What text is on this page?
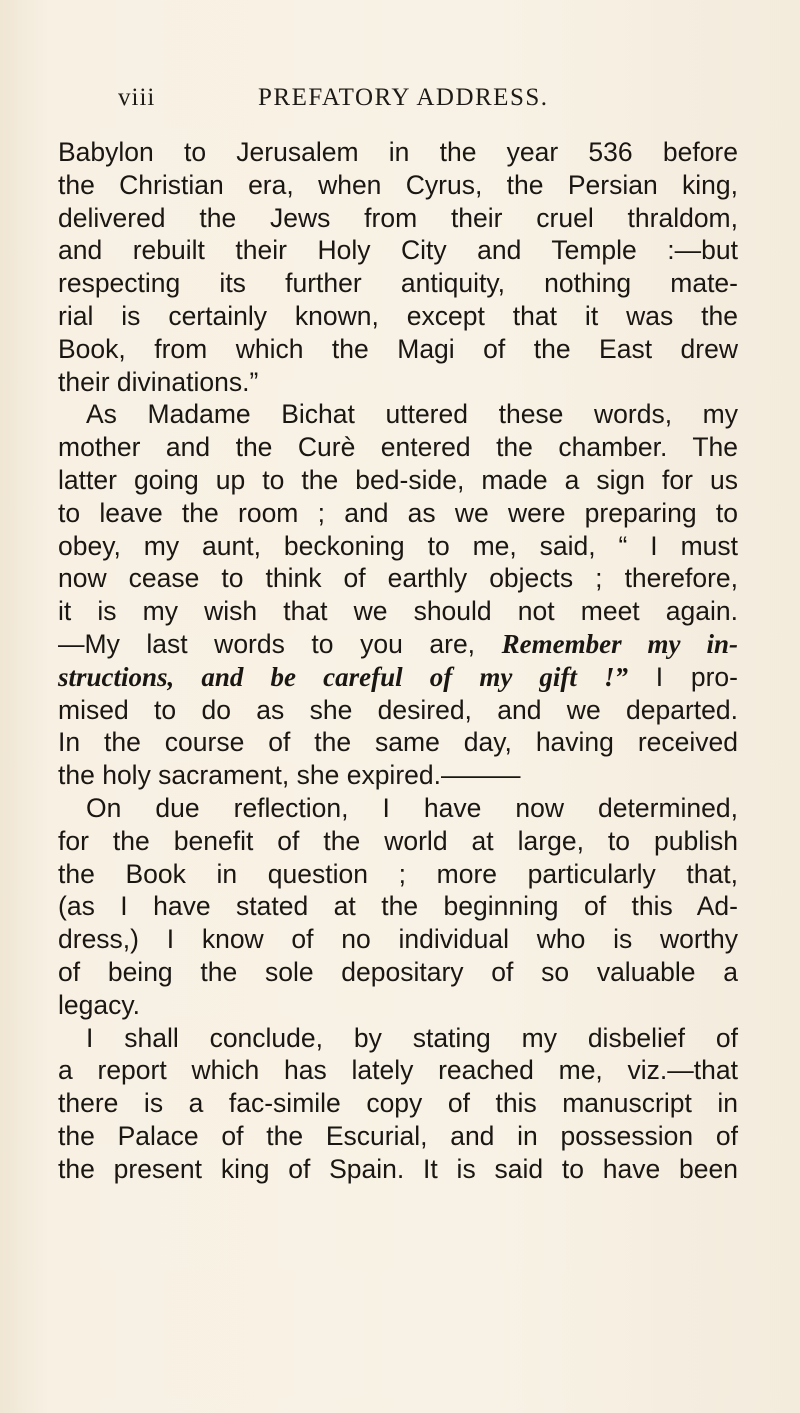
viii	PREFATORY ADDRESS.
Babylon to Jerusalem in the year 536 before
the Christian era, when Cyrus, the Persian king,
delivered the Jews from their cruel thraldom,
and rebuilt their Holy City and Temple :—but
respecting its further antiquity, nothing mate-
rial is certainly known, except that it was the
Book, from which the Magi of the East drew
their divinations.”
As Madame Bichat uttered these words, my
mother and the Curè entered the chamber. The
latter going up to the bed-side, made a sign for us
to leave the room ; and as we were preparing to
obey, my aunt, beckoning to me, said, “ I must
now cease to think of earthly objects ; therefore,
it is my wish that we should not meet again.
—My last words to you are, Remember my in-
structions, and be careful of my gift !” I pro-
mised to do as she desired, and we departed.
In the course of the same day, having received
the holy sacrament, she expired.———
On due reflection, I have now determined,
for the benefit of the world at large, to publish
the Book in question ; more particularly that,
(as I have stated at the beginning of this Ad-
dress,) I know of no individual who is worthy
of being the sole depositary of so valuable a
legacy.
I shall conclude, by stating my disbelief of
a report which has lately reached me, viz.—that
there is a fac-simile copy of this manuscript in
the Palace of the Escurial, and in possession of
the present king of Spain. It is said to have been
